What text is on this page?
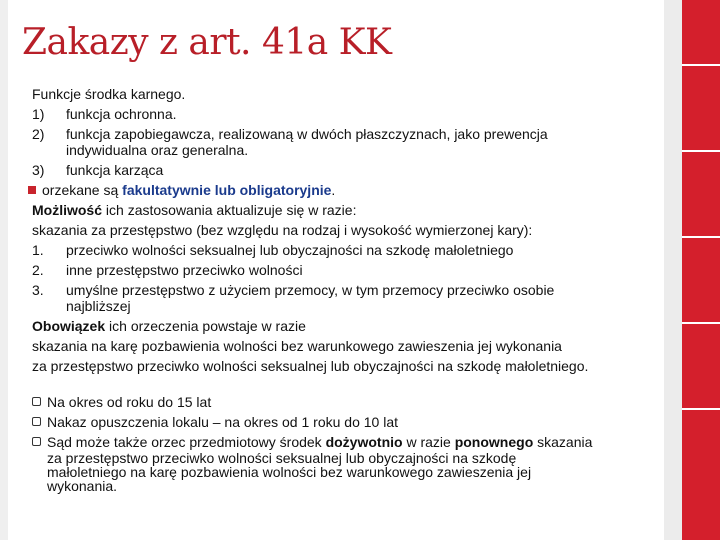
Zakazy z art. 41a KK
Funkcje środka karnego.
1) funkcja ochronna.
2) funkcja zapobiegawcza, realizowaną w dwóch płaszczyznach, jako prewencja
indywidualna oraz generalna.
3) funkcja karząca
orzekane są fakultatywnie lub obligatoryjnie.
Możliwość ich zastosowania aktualizuje się w razie:
skazania za przestępstwo (bez względu na rodzaj i wysokość wymierzonej kary):
1. przeciwko wolności seksualnej lub obyczajności na szkodę małoletniego
2. inne przestępstwo przeciwko wolności
3. umyślne przestępstwo z użyciem przemocy, w tym przemocy przeciwko osobie
najbliższej
Obowiązek ich orzeczenia powstaje w razie
skazania na karę pozbawienia wolności bez warunkowego zawieszenia jej wykonania
za przestępstwo przeciwko wolności seksualnej lub obyczajności na szkodę małoletniego.
Na okres od roku do 15 lat
Nakaz opuszczenia lokalu – na okres od 1 roku do 10 lat
Sąd może także orzec przedmiotowy środek dożywotnio w razie ponownego skazania
za przestępstwo przeciwko wolności seksualnej lub obyczajności na szkodę
małoletniego na karę pozbawienia wolności bez warunkowego zawieszenia jej
wykonania.
